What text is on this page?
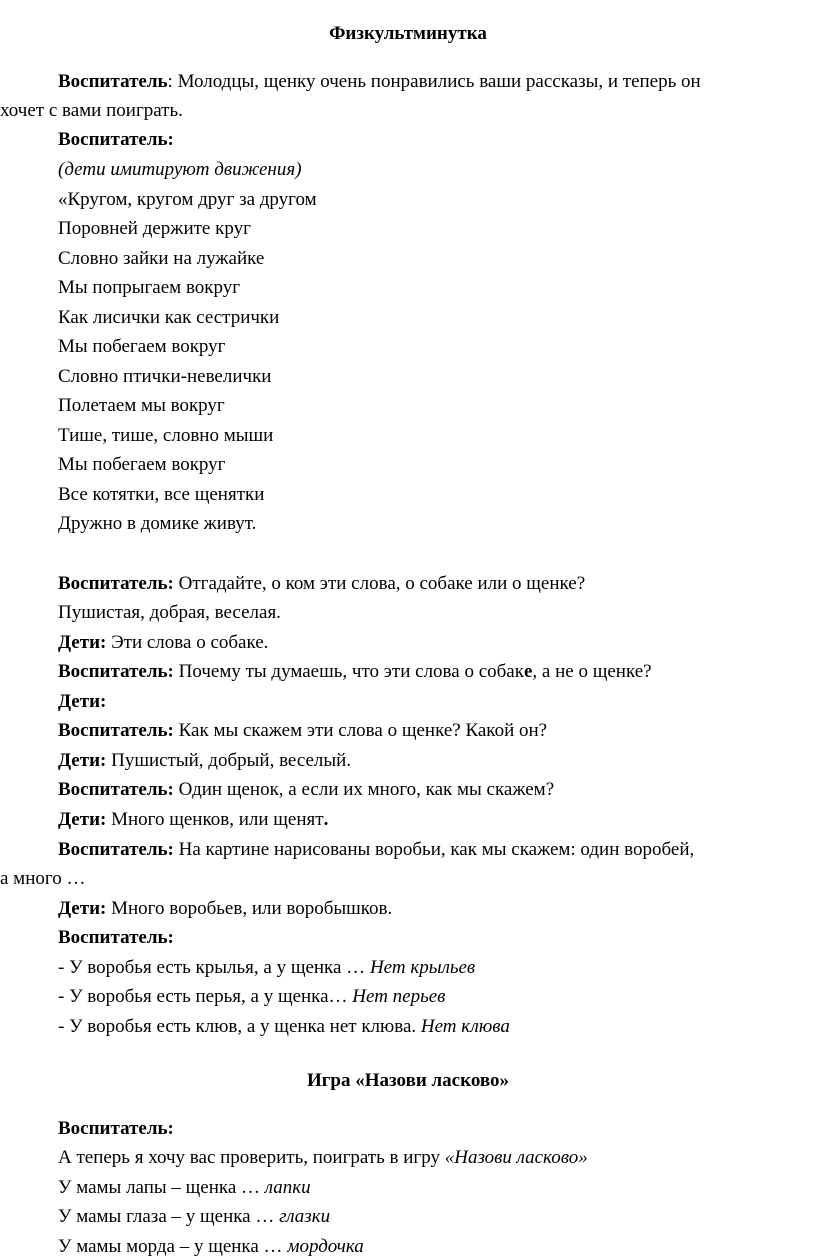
Физкультминутка
Воспитатель: Молодцы, щенку очень понравились ваши рассказы, и теперь он
хочет с вами поиграть.
Воспитатель:
(дети имитируют движения)
«Кругом, кругом друг за другом
Поровней держите круг
Словно зайки на лужайке
Мы попрыгаем вокруг
Как лисички как сестрички
Мы побегаем вокруг
Словно птички-невелички
Полетаем мы вокруг
Тише, тише, словно мыши
Мы побегаем вокруг
Все котятки, все щенятки
Дружно в домике живут.
Воспитатель: Отгадайте, о ком эти слова, о собаке или о щенке?
Пушистая, добрая, веселая.
Дети: Эти слова о собаке.
Воспитатель: Почему ты думаешь, что эти слова о собаке, а не о щенке?
Дети:
Воспитатель: Как мы скажем эти слова о щенке? Какой он?
Дети: Пушистый, добрый, веселый.
Воспитатель: Один щенок, а если их много, как мы скажем?
Дети: Много щенков, или щенят.
Воспитатель: На картине нарисованы воробьи, как мы скажем: один воробей,
а много …
Дети: Много воробьев, или воробышков.
Воспитатель:
- У воробья есть крылья, а у щенка … Нет крыльев
- У воробья есть перья, а у щенка… Нет перьев
- У воробья есть клюв, а у щенка нет клюва. Нет клюва
Игра «Назови ласково»
Воспитатель:
А теперь я хочу вас проверить, поиграть в игру «Назови ласково»
У мамы лапы – щенка … лапки
У мамы глаза – у щенка … глазки
У мамы морда – у щенка … мордочка
